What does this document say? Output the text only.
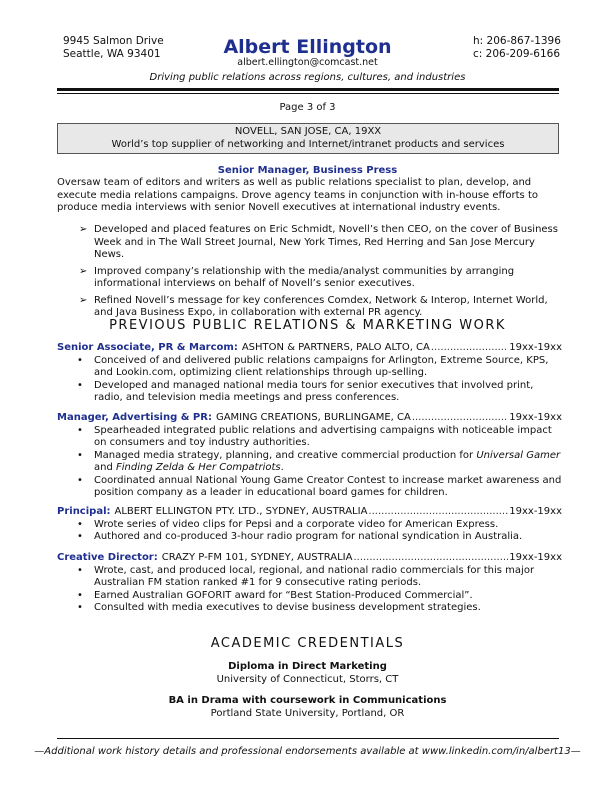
9945 Salmon Drive
Seattle, WA 93401	Albert Ellington
albert.ellington@comcast.net
h: 206-867-1396
c: 206-209-6166
Driving public relations across regions, cultures, and industries
Page 3 of 3
NOVELL, SAN JOSE, CA, 19XX
World’s top supplier of networking and Internet/intranet products and services
Senior Manager, Business Press
Oversaw team of editors and writers as well as public relations specialist to plan, develop, and execute media relations campaigns. Drove agency teams in conjunction with in-house efforts to produce media interviews with senior Novell executives at international industry events.
➢ Developed and placed features on Eric Schmidt, Novell’s then CEO, on the cover of Business Week and in The Wall Street Journal, New York Times, Red Herring and San Jose Mercury News.
➢ Improved company’s relationship with the media/analyst communities by arranging informational interviews on behalf of Novell’s senior executives.
➢ Refined Novell’s message for key conferences Comdex, Network & Interop, Internet World, and Java Business Expo, in collaboration with external PR agency.
PREVIOUS PUBLIC RELATIONS & MARKETING WORK
Senior Associate, PR & Marcom: ASHTON & PARTNERS, PALO ALTO, CA .....	19xx-19xx
• Conceived of and delivered public relations campaigns for Arlington, Extreme Source, KPS, and Lookin.com, optimizing client relationships through up-selling.
• Developed and managed national media tours for senior executives that involved print, radio, and television media meetings and press conferences.
Manager, Advertising & PR: GAMING CREATIONS, BURLINGAME, CA .....	19xx-19xx
• Spearheaded integrated public relations and advertising campaigns with noticeable impact on consumers and toy industry authorities.
• Managed media strategy, planning, and creative commercial production for Universal Gamer and Finding Zelda & Her Compatriots.
• Coordinated annual National Young Game Creator Contest to increase market awareness and position company as a leader in educational board games for children.
Principal: ALBERT ELLINGTON PTY. LTD., SYDNEY, AUSTRALIA .....	19xx-19xx
• Wrote series of video clips for Pepsi and a corporate video for American Express.
• Authored and co-produced 3-hour radio program for national syndication in Australia.
Creative Director: CRAZY P-FM 101, SYDNEY, AUSTRALIA .....	19xx-19xx
• Wrote, cast, and produced local, regional, and national radio commercials for this major Australian FM station ranked #1 for 9 consecutive rating periods.
• Earned Australian GOFORIT award for “Best Station-Produced Commercial”.
• Consulted with media executives to devise business development strategies.
ACADEMIC CREDENTIALS
Diploma in Direct Marketing
University of Connecticut, Storrs, CT
BA in Drama with coursework in Communications
Portland State University, Portland, OR
—Additional work history details and professional endorsements available at www.linkedin.com/in/albert13—
